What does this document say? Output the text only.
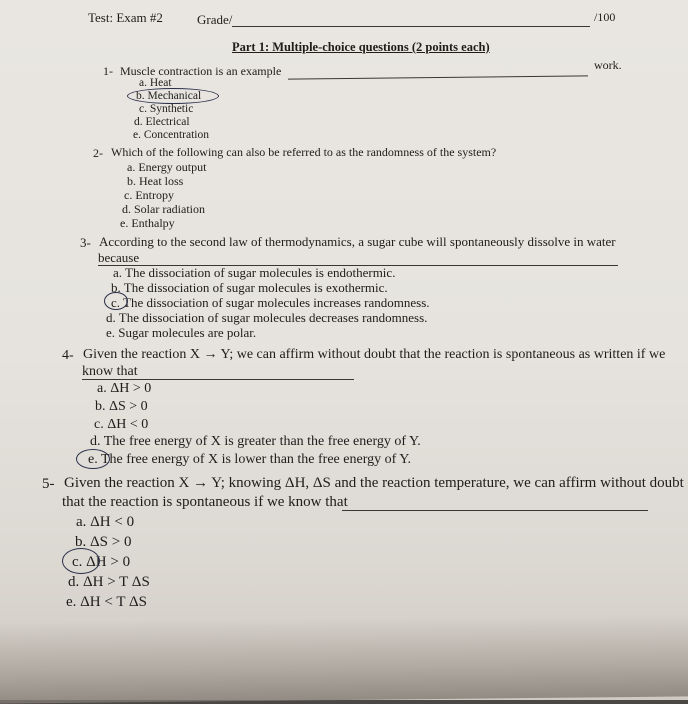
Test: Exam #2	Grade/	/100
Part 1: Multiple-choice questions (2 points each)
1- Muscle contraction is an example	work.
a. Heat
b. Mechanical
c. Synthetic
d. Electrical
e. Concentration
2- Which of the following can also be referred to as the randomness of the system?
a. Energy output
b. Heat loss
c. Entropy
d. Solar radiation
e. Enthalpy
3- According to the second law of thermodynamics, a sugar cube will spontaneously dissolve in water
because
a. The dissociation of sugar molecules is endothermic.
b. The dissociation of sugar molecules is exothermic.
c. The dissociation of sugar molecules increases randomness.
d. The dissociation of sugar molecules decreases randomness.
e. Sugar molecules are polar.
4- Given the reaction X → Y; we can affirm without doubt that the reaction is spontaneous as written if we
know that
a. ΔH > 0
b. ΔS > 0
c. ΔH < 0
d. The free energy of X is greater than the free energy of Y.
e. The free energy of X is lower than the free energy of Y.
5- Given the reaction X → Y; knowing ΔH, ΔS and the reaction temperature, we can affirm without doubt
that the reaction is spontaneous if we know that
a. ΔH < 0
b. ΔS > 0
c. ΔH > 0
d. ΔH > T ΔS
e. ΔH < T ΔS
